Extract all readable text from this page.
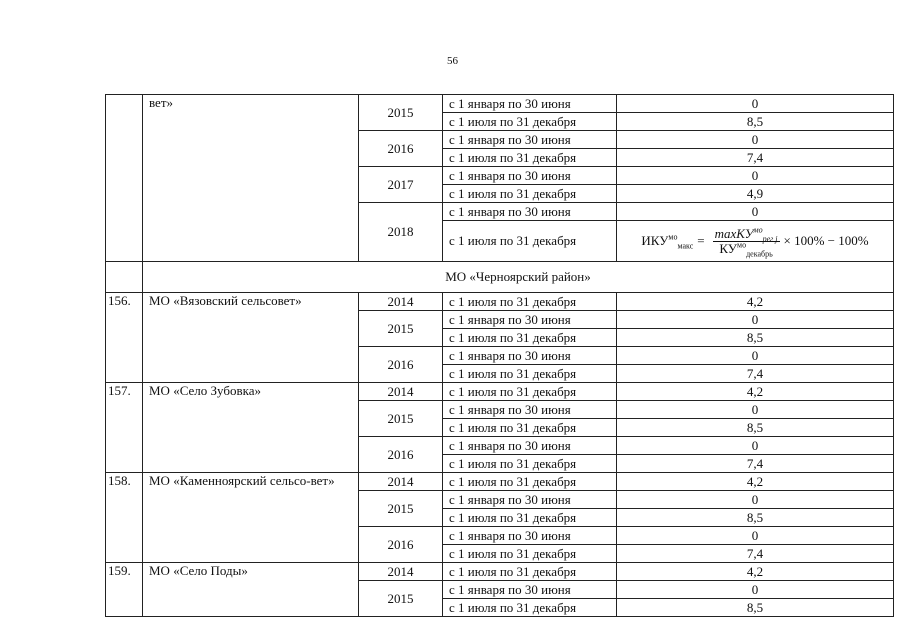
56
	вет»	2015	с 1 января по 30 июня	0
			с 1 июля по 31 декабря	8,5
		2016	с 1 января по 30 июня	0
			с 1 июля по 31 декабря	7,4
		2017	с 1 января по 30 июня	0
			с 1 июля по 31 декабря	4,9
		2018	с 1 января по 30 июня	0
			с 1 июля по 31 декабря	$ИКУ^{мо}_{макс} = \frac{\max КУ^{мо}_{рег j}}{КУ^{мо}_{декабрь}} \times 100\% - 100\%$

	МО «Черноярский район»			
156.	МО «Вязовский сельсовет»	2014	с 1 июля по 31 декабря	4,2
		2015	с 1 января по 30 июня	0
			с 1 июля по 31 декабря	8,5
		2016	с 1 января по 30 июня	0
			с 1 июля по 31 декабря	7,4
157.	МО «Село Зубовка»	2014	с 1 июля по 31 декабря	4,2
		2015	с 1 января по 30 июня	0
			с 1 июля по 31 декабря	8,5
		2016	с 1 января по 30 июня	0
			с 1 июля по 31 декабря	7,4
158.	МО «Каменноярский сельсо-вет»	2014	с 1 июля по 31 декабря	4,2
		2015	с 1 января по 30 июня	0
			с 1 июля по 31 декабря	8,5
		2016	с 1 января по 30 июня	0
			с 1 июля по 31 декабря	7,4
159.	МО «Село Поды»	2014	с 1 июля по 31 декабря	4,2
		2015	с 1 января по 30 июня	0
			с 1 июля по 31 декабря	8,5
